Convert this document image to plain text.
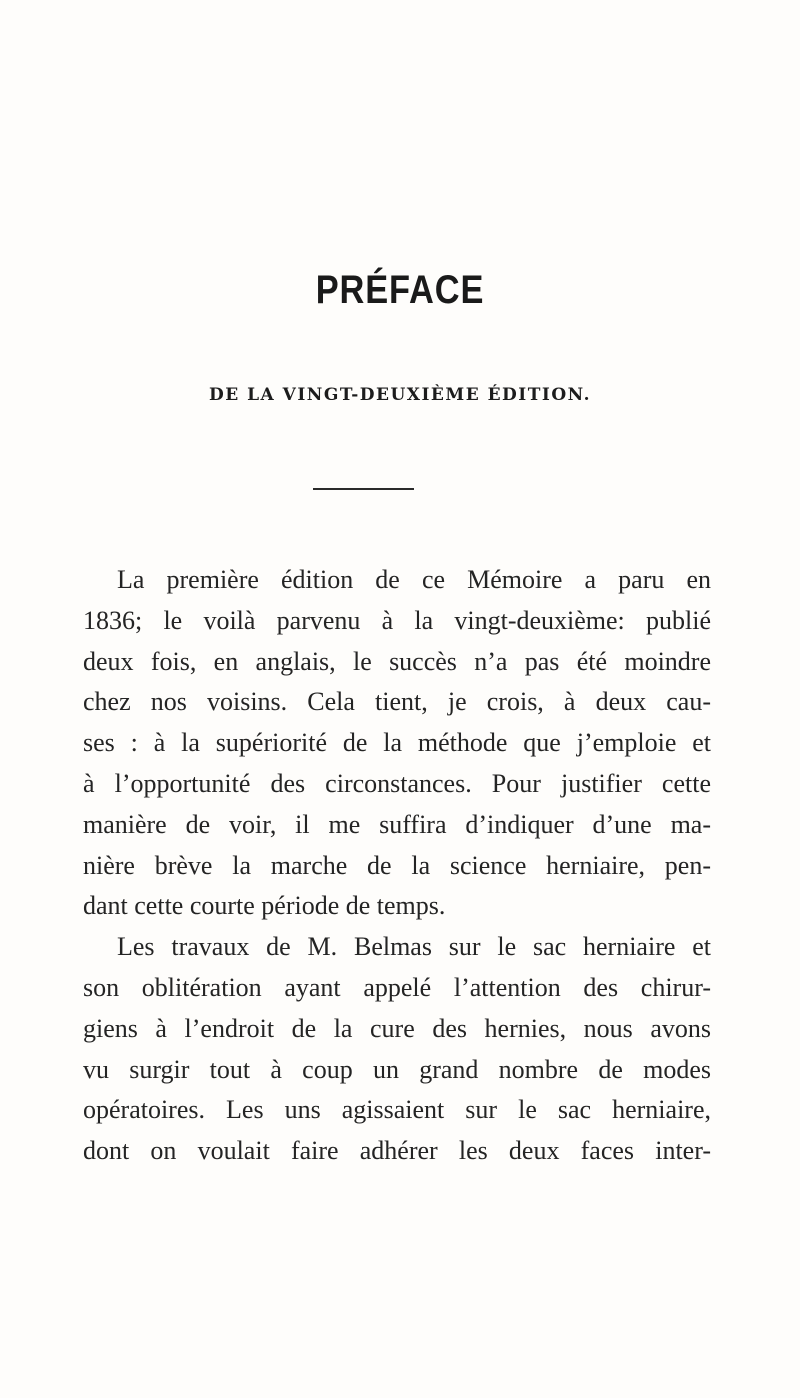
PRÉFACE
DE LA VINGT-DEUXIÈME ÉDITION.
La première édition de ce Mémoire a paru en
1836; le voilà parvenu à la vingt-deuxième: publié
deux fois, en anglais, le succès n’a pas été moindre
chez nos voisins. Cela tient, je crois, à deux cau-
ses : à la supériorité de la méthode que j’emploie et
à l’opportunité des circonstances. Pour justifier cette
manière de voir, il me suffira d’indiquer d’une ma-
nière brève la marche de la science herniaire, pen-
dant cette courte période de temps.
Les travaux de M. Belmas sur le sac herniaire et
son oblitération ayant appelé l’attention des chirur-
giens à l’endroit de la cure des hernies, nous avons
vu surgir tout à coup un grand nombre de modes
opératoires. Les uns agissaient sur le sac herniaire,
dont on voulait faire adhérer les deux faces inter-
